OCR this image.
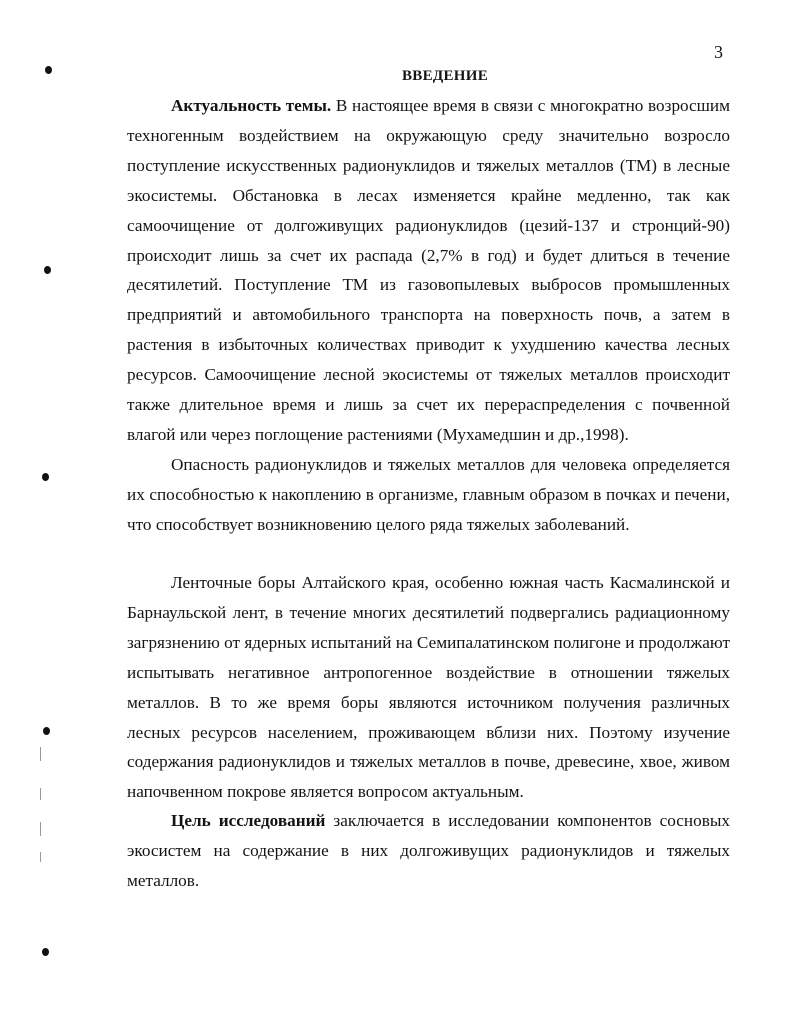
3
ВВЕДЕНИЕ

Актуальность темы. В настоящее время в связи с многократно возросшим техногенным воздействием на окружающую среду значительно возросло поступление искусственных радионуклидов и тяжелых металлов (ТМ) в лесные экосистемы. Обстановка в лесах изменяется крайне медленно, так как самоочищение от долгоживущих радионуклидов (цезий-137 и стронций-90) происходит лишь за счет их распада (2,7% в год) и будет длиться в течение десятилетий. Поступление ТМ из газовопылевых выбросов промышленных предприятий и автомобильного транспорта на поверхность почв, а затем в растения в избыточных количествах приводит к ухудшению качества лесных ресурсов. Самоочищение лесной экосистемы от тяжелых металлов происходит также длительное время и лишь за счет их перераспределения с почвенной влагой или через поглощение растениями (Мухамедшин и др.,1998).

Опасность радионуклидов и тяжелых металлов для человека определяется их способностью к накоплению в организме, главным образом в почках и печени, что способствует возникновению целого ряда тяжелых заболеваний.

Ленточные боры Алтайского края, особенно южная часть Касмалинской и Барнаульской лент, в течение многих десятилетий подвергались радиационному загрязнению от ядерных испытаний на Семипалатинском полигоне и продолжают испытывать негативное антропогенное воздействие в отношении тяжелых металлов. В то же время боры являются источником получения различных лесных ресурсов населением, проживающем вблизи них. Поэтому изучение содержания радионуклидов и тяжелых металлов в почве, древесине, хвое, живом напочвенном покрове является вопросом актуальным.

Цель исследований заключается в исследовании компонентов сосновых экосистем на содержание в них долгоживущих радионуклидов и тяжелых металлов.
